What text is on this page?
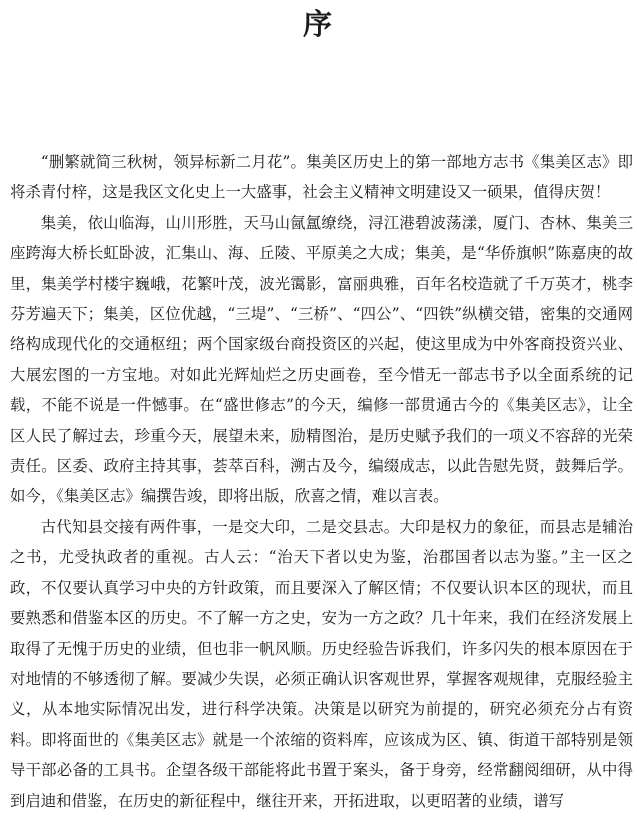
序

“删繁就简三秋树，领异标新二月花”。集美区历史上的第一部地方志书《集美区志》即将杀青付梓，这是我区文化史上一大盛事，社会主义精神文明建设又一硕果，值得庆贺！

集美，依山临海，山川形胜，天马山氤氲缭绕，浔江港碧波荡漾，厦门、杏林、集美三座跨海大桥长虹卧波，汇集山、海、丘陵、平原美之大成；集美，是“华侨旗帜”陈嘉庚的故里，集美学村楼宇巍峨，花繁叶茂，波光霭影，富丽典雅，百年名校造就了千万英才，桃李芬芳遍天下；集美，区位优越，“三堤”、“三桥”、“四公”、“四铁”纵横交错，密集的交通网络构成现代化的交通枢纽；两个国家级台商投资区的兴起，使这里成为中外客商投资兴业、大展宏图的一方宝地。对如此光辉灿烂之历史画卷，至今惜无一部志书予以全面系统的记载，不能不说是一件憾事。在“盛世修志”的今天，编修一部贯通古今的《集美区志》，让全区人民了解过去，珍重今天，展望未来，励精图治，是历史赋予我们的一项义不容辞的光荣责任。区委、政府主持其事，荟萃百科，溯古及今，编缀成志，以此告慰先贤，鼓舞后学。如今，《集美区志》编撰告竣，即将出版，欣喜之情，难以言表。

古代知县交接有两件事，一是交大印，二是交县志。大印是权力的象征，而县志是辅治之书，尤受执政者的重视。古人云：“治天下者以史为鉴，治郡国者以志为鉴。”主一区之政，不仅要认真学习中央的方针政策，而且要深入了解区情；不仅要认识本区的现状，而且要熟悉和借鉴本区的历史。不了解一方之史，安为一方之政？几十年来，我们在经济发展上取得了无愧于历史的业绩，但也非一帆风顺。历史经验告诉我们，许多闪失的根本原因在于对地情的不够透彻了解。要减少失误，必须正确认识客观世界，掌握客观规律，克服经验主义，从本地实际情况出发，进行科学决策。决策是以研究为前提的，研究必须充分占有资料。即将面世的《集美区志》就是一个浓缩的资料库，应该成为区、镇、街道干部特别是领导干部必备的工具书。企望各级干部能将此书置于案头，备于身旁，经常翻阅细研，从中得到启迪和借鉴，在历史的新征程中，继往开来，开拓进取，以更昭著的业绩，谱写
